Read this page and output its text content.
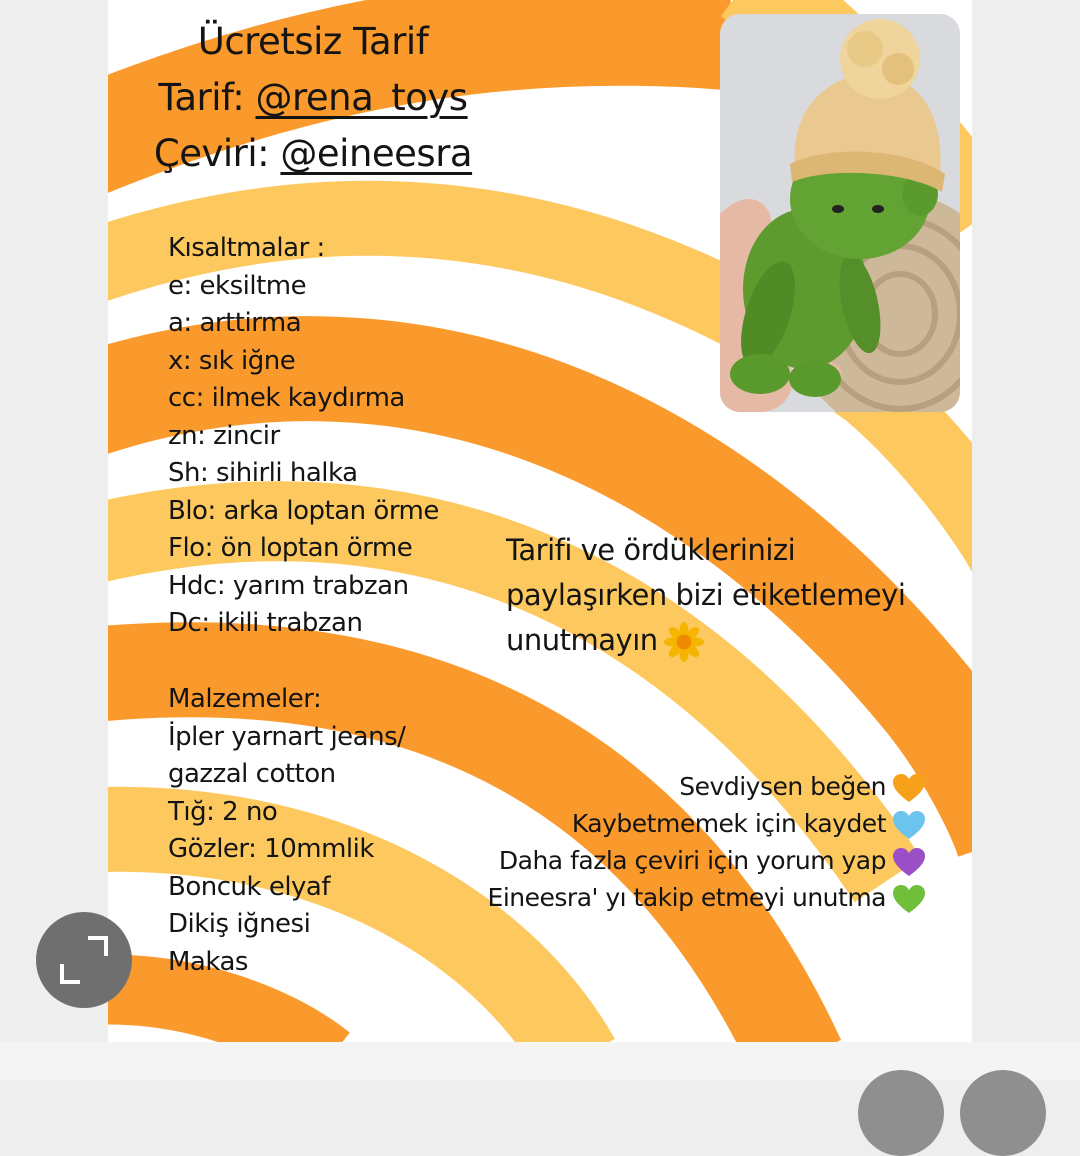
Ücretsiz Tarif
Tarif: @rena_toys
Çeviri: @eineesra
Kısaltmalar :
e: eksiltme
a: arttirma
x: sık iğne
cc: ilmek kaydırma
zn: zincir
Sh: sihirli halka
Blo: arka loptan örme
Flo: ön loptan örme
Hdc: yarım trabzan
Dc: ikili trabzan
Malzemeler:
İpler yarnart jeans/
gazzal cotton
Tığ: 2 no
Gözler: 10mmlik
Boncuk elyaf
Dikiş iğnesi
Makas
Tarifi ve ördüklerinizi
paylaşırken bizi etiketlemeyi
unutmayın
Sevdiysen beğen
Kaybetmemek için kaydet
Daha fazla çeviri için yorum yap
Eineesra' yı takip etmeyi unutma
